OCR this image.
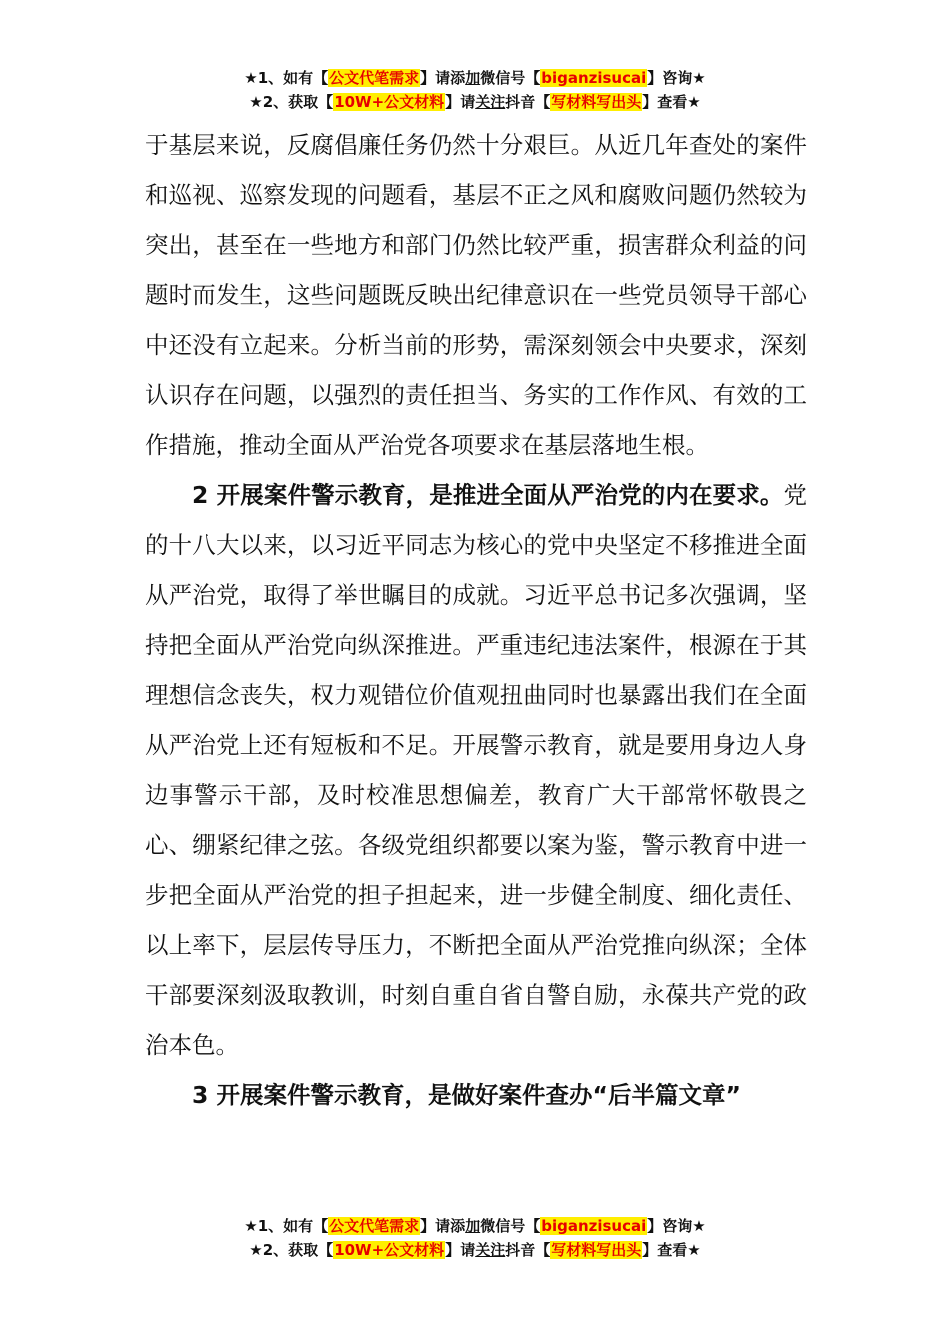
★1、如有【公文代笔需求】请添加微信号【biganzisucai】咨询★
★2、获取【10W+公文材料】请关注抖音【写材料写出头】查看★

于基层来说，反腐倡廉任务仍然十分艰巨。从近几年查处的案件和巡视、巡察发现的问题看，基层不正之风和腐败问题仍然较为突出，甚至在一些地方和部门仍然比较严重，损害群众利益的问题时而发生，这些问题既反映出纪律意识在一些党员领导干部心中还没有立起来。分析当前的形势，需深刻领会中央要求，深刻认识存在问题，以强烈的责任担当、务实的工作作风、有效的工作措施，推动全面从严治党各项要求在基层落地生根。

2 开展案件警示教育，是推进全面从严治党的内在要求。党的十八大以来，以习近平同志为核心的党中央坚定不移推进全面从严治党，取得了举世瞩目的成就。习近平总书记多次强调，坚持把全面从严治党向纵深推进。严重违纪违法案件，根源在于其理想信念丧失，权力观错位价值观扭曲同时也暴露出我们在全面从严治党上还有短板和不足。开展警示教育，就是要用身边人身边事警示干部，及时校准思想偏差，教育广大干部常怀敬畏之心、绷紧纪律之弦。各级党组织都要以案为鉴，警示教育中进一步把全面从严治党的担子担起来，进一步健全制度、细化责任、以上率下，层层传导压力，不断把全面从严治党推向纵深；全体干部要深刻汲取教训，时刻自重自省自警自励，永葆共产党的政治本色。

3 开展案件警示教育，是做好案件查办“后半篇文章”

★1、如有【公文代笔需求】请添加微信号【biganzisucai】咨询★
★2、获取【10W+公文材料】请关注抖音【写材料写出头】查看★
